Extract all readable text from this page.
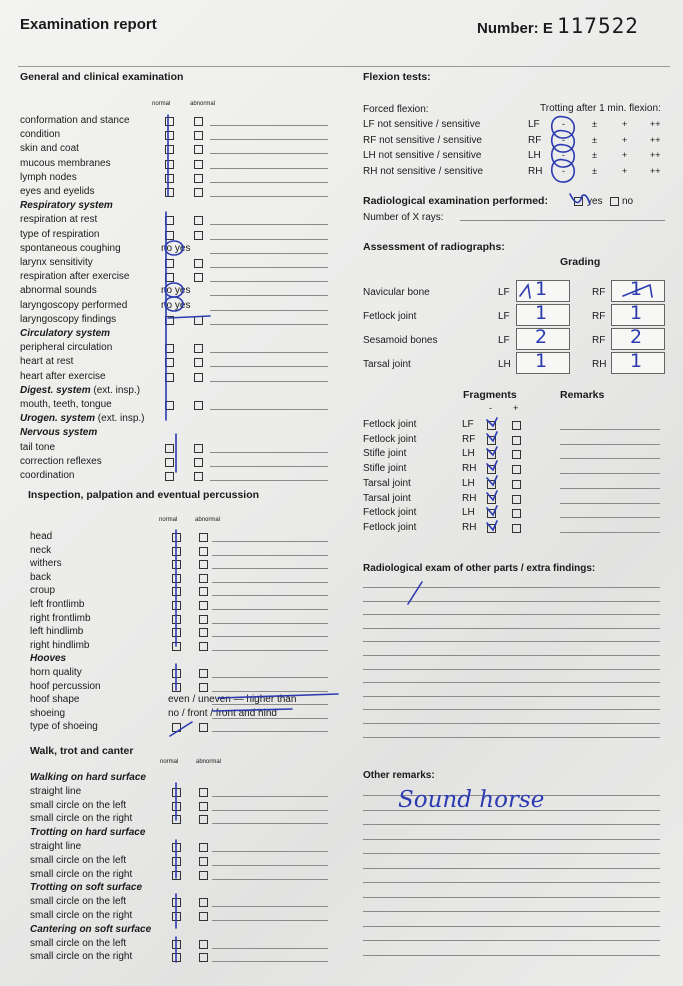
Examination report	Number: E 117522
General and clinical examination
normal	abnormal
conformation and stance
condition
skin and coat
mucous membranes
lymph nodes
eyes and eyelids
Respiratory system
respiration at rest
type of respiration
spontaneous coughing	no yes
larynx sensitivity
respiration after exercise
abnormal sounds	no yes
laryngoscopy performed	no yes
laryngoscopy findings
Circulatory system
peripheral circulation
heart at rest
heart after exercise
Digest. system (ext. insp.)
mouth, teeth, tongue
Urogen. system (ext. insp.)
Nervous system
tail tone
correction reflexes
coordination
Inspection, palpation and eventual percussion
normal	abnormal
head
neck
withers
back
croup
left frontlimb
right frontlimb
left hindlimb
right hindlimb
Hooves
horn quality
hoof percussion
hoof shape	even / uneven — higher than
shoeing	no / front / front and hind
type of shoeing
Walk, trot and canter
normal	abnormal
Walking on hard surface
straight line
small circle on the left
small circle on the right
Trotting on hard surface
straight line
small circle on the left
small circle on the right
Trotting on soft surface
small circle on the left
small circle on the right
Cantering on soft surface
small circle on the left
small circle on the right
Flexion tests:
Forced flexion:	Trotting after 1 min. flexion:
LF not sensitive / sensitive	LF -	±	+	++
RF not sensitive / sensitive	RF -	±	+	++
LH not sensitive / sensitive	LH -	±	+	++
RH not sensitive / sensitive	RH -	±	+	++
Radiological examination performed:	yes no
Number of X rays:
Assessment of radiographs:
Grading
Navicular bone	LF 1	RF 1
Fetlock joint	LF 1	RF 1
Sesamoid bones	LF 2	RF 2
Tarsal joint	LH 1	RH 1
Fragments	Remarks
- +
Fetlock joint	LF
Fetlock joint	RF
Stifle joint	LH
Stifle joint	RH
Tarsal joint	LH
Tarsal joint	RH
Fetlock joint	LH
Fetlock joint	RH
Radiological exam of other parts / extra findings:
Other remarks:
Sound horse
